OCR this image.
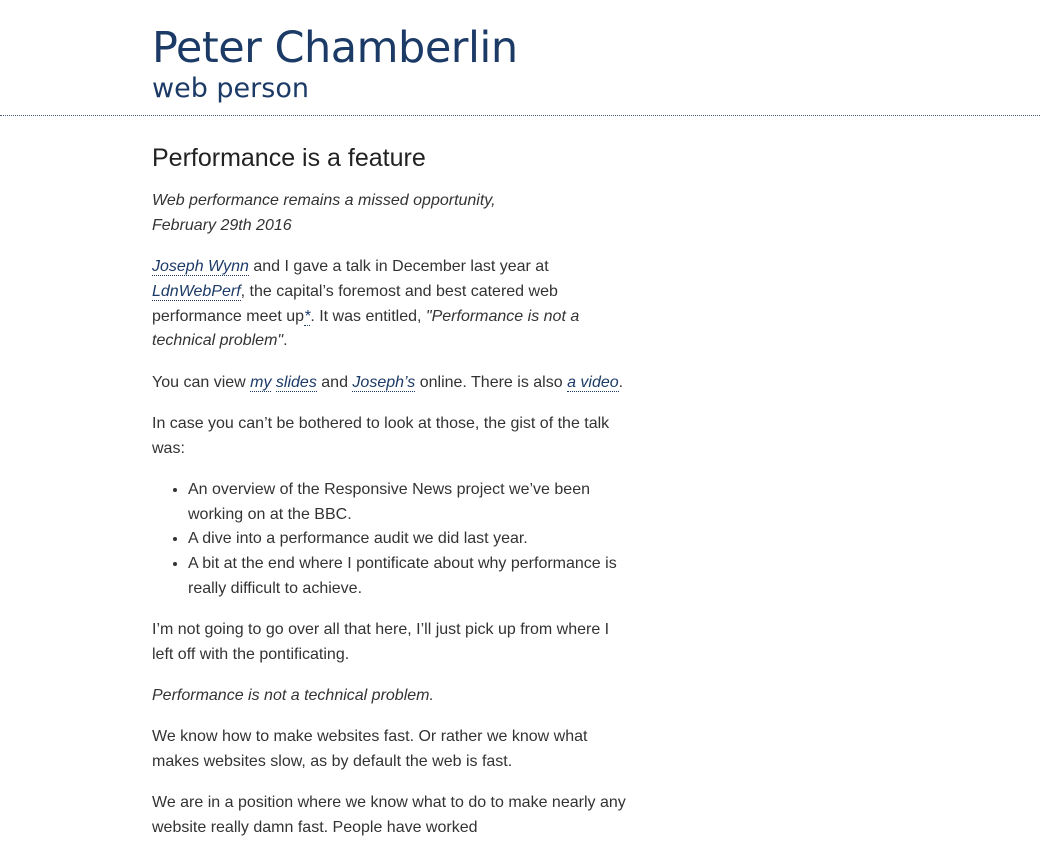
Peter Chamberlin
web person
Performance is a feature

Web performance remains a missed opportunity,
February 29th 2016

Joseph Wynn and I gave a talk in December last year at LdnWebPerf, the capital’s foremost and best catered web performance meet up*. It was entitled, "Performance is not a technical problem".

You can view my slides and Joseph’s online. There is also a video.

In case you can’t be bothered to look at those, the gist of the talk was:

• An overview of the Responsive News project we’ve been working on at the BBC.
• A dive into a performance audit we did last year.
• A bit at the end where I pontificate about why performance is really difficult to achieve.

I’m not going to go over all that here, I’ll just pick up from where I left off with the pontificating.

Performance is not a technical problem.

We know how to make websites fast. Or rather we know what makes websites slow, as by default the web is fast.

We are in a position where we know what to do to make nearly any website really damn fast. People have worked
